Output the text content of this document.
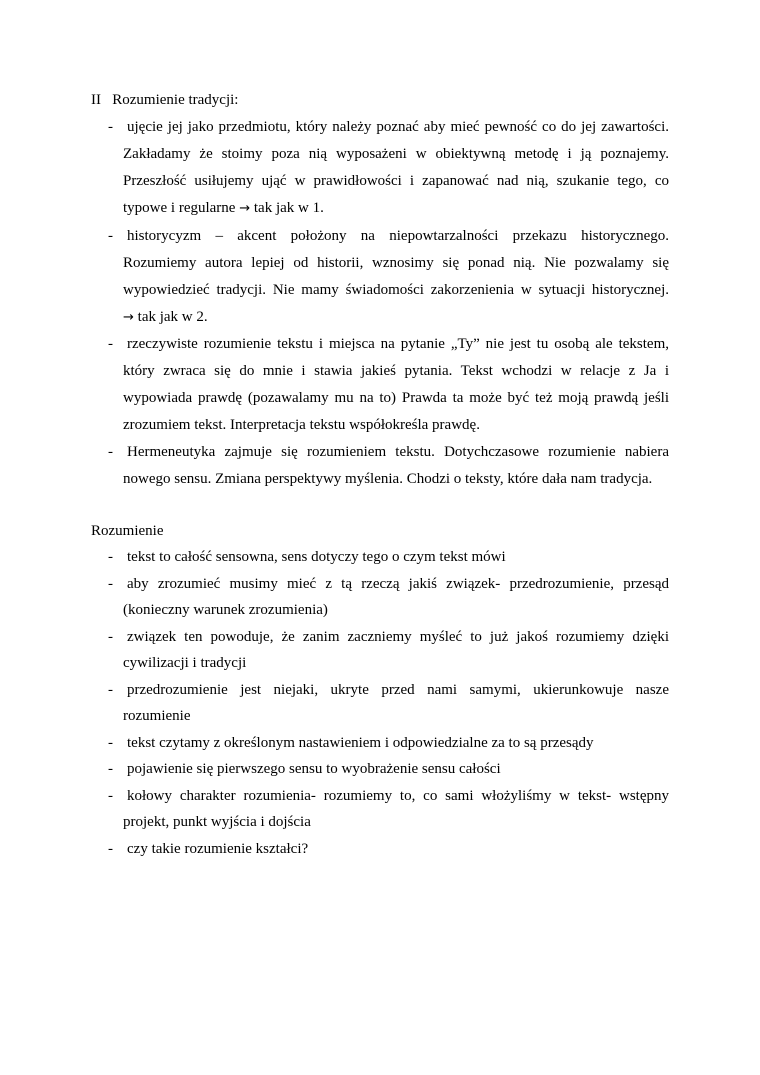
II Rozumienie tradycji:
- ujęcie jej jako przedmiotu, który należy poznać aby mieć pewność co do jej zawartości.
Zakładamy że stoimy poza nią wyposażeni w obiektywną metodę i ją poznajemy.
Przeszłość usiłujemy ująć w prawidłowości i zapanować nad nią, szukanie tego, co
typowe i regularne → tak jak w 1.
- historycyzm – akcent położony na niepowtarzalności przekazu historycznego.
Rozumiemy autora lepiej od historii, wznosimy się ponad nią. Nie pozwalamy się
wypowiedzieć tradycji. Nie mamy świadomości zakorzenienia w sytuacji historycznej.
→ tak jak w 2.
- rzeczywiste rozumienie tekstu i miejsca na pytanie „Ty” nie jest tu osobą ale tekstem,
który zwraca się do mnie i stawia jakieś pytania. Tekst wchodzi w relacje z Ja i
wypowiada prawdę (pozawalamy mu na to) Prawda ta może być też moją prawdą jeśli
zrozumiem tekst. Interpretacja tekstu współokreśla prawdę.
- Hermeneutyka zajmuje się rozumieniem tekstu. Dotychczasowe rozumienie nabiera
nowego sensu. Zmiana perspektywy myślenia. Chodzi o teksty, które dała nam tradycja.
Rozumienie
- tekst to całość sensowna, sens dotyczy tego o czym tekst mówi
- aby zrozumieć musimy mieć z tą rzeczą jakiś związek- przedrozumienie, przesąd
(konieczny warunek zrozumienia)
- związek ten powoduje, że zanim zaczniemy myśleć to już jakoś rozumiemy dzięki
cywilizacji i tradycji
- przedrozumienie jest niejaki, ukryte przed nami samymi, ukierunkowuje nasze
rozumienie
- tekst czytamy z określonym nastawieniem i odpowiedzialne za to są przesądy
- pojawienie się pierwszego sensu to wyobrażenie sensu całości
- kołowy charakter rozumienia- rozumiemy to, co sami włożyliśmy w tekst- wstępny
projekt, punkt wyjścia i dojścia
- czy takie rozumienie kształci?
